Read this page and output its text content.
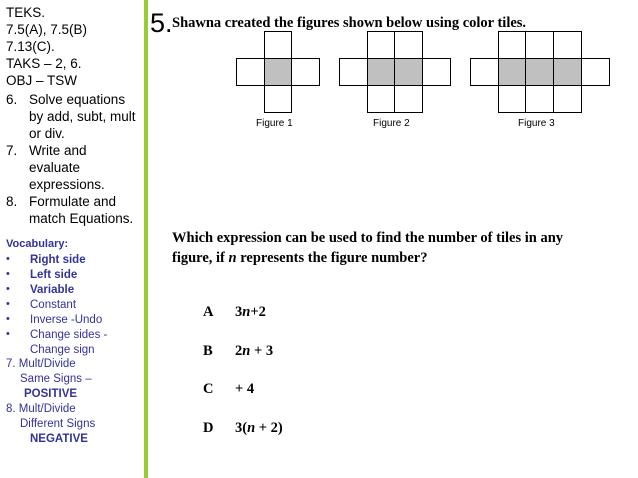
TEKS.
7.5(A), 7.5(B)
7.13(C).
TAKS – 2, 6.
OBJ – TSW
6. Solve equations
by add, subt, mult
or div.
7. Write and
evaluate
expressions.
8. Formulate and
match Equations.
Vocabulary:
• Right side
• Left side
• Variable
• Constant
• Inverse -Undo
• Change sides -
Change sign
7. Mult/Divide
Same Signs –
POSITIVE
8. Mult/Divide
Different Signs
NEGATIVE
5. Shawna created the figures shown below using color tiles.
Figure 1	Figure 2	Figure 3
Which expression can be used to find the number of tiles in any figure, if n represents the figure number?
A 3n+2
B 2n + 3
C + 4
D 3(n + 2)
